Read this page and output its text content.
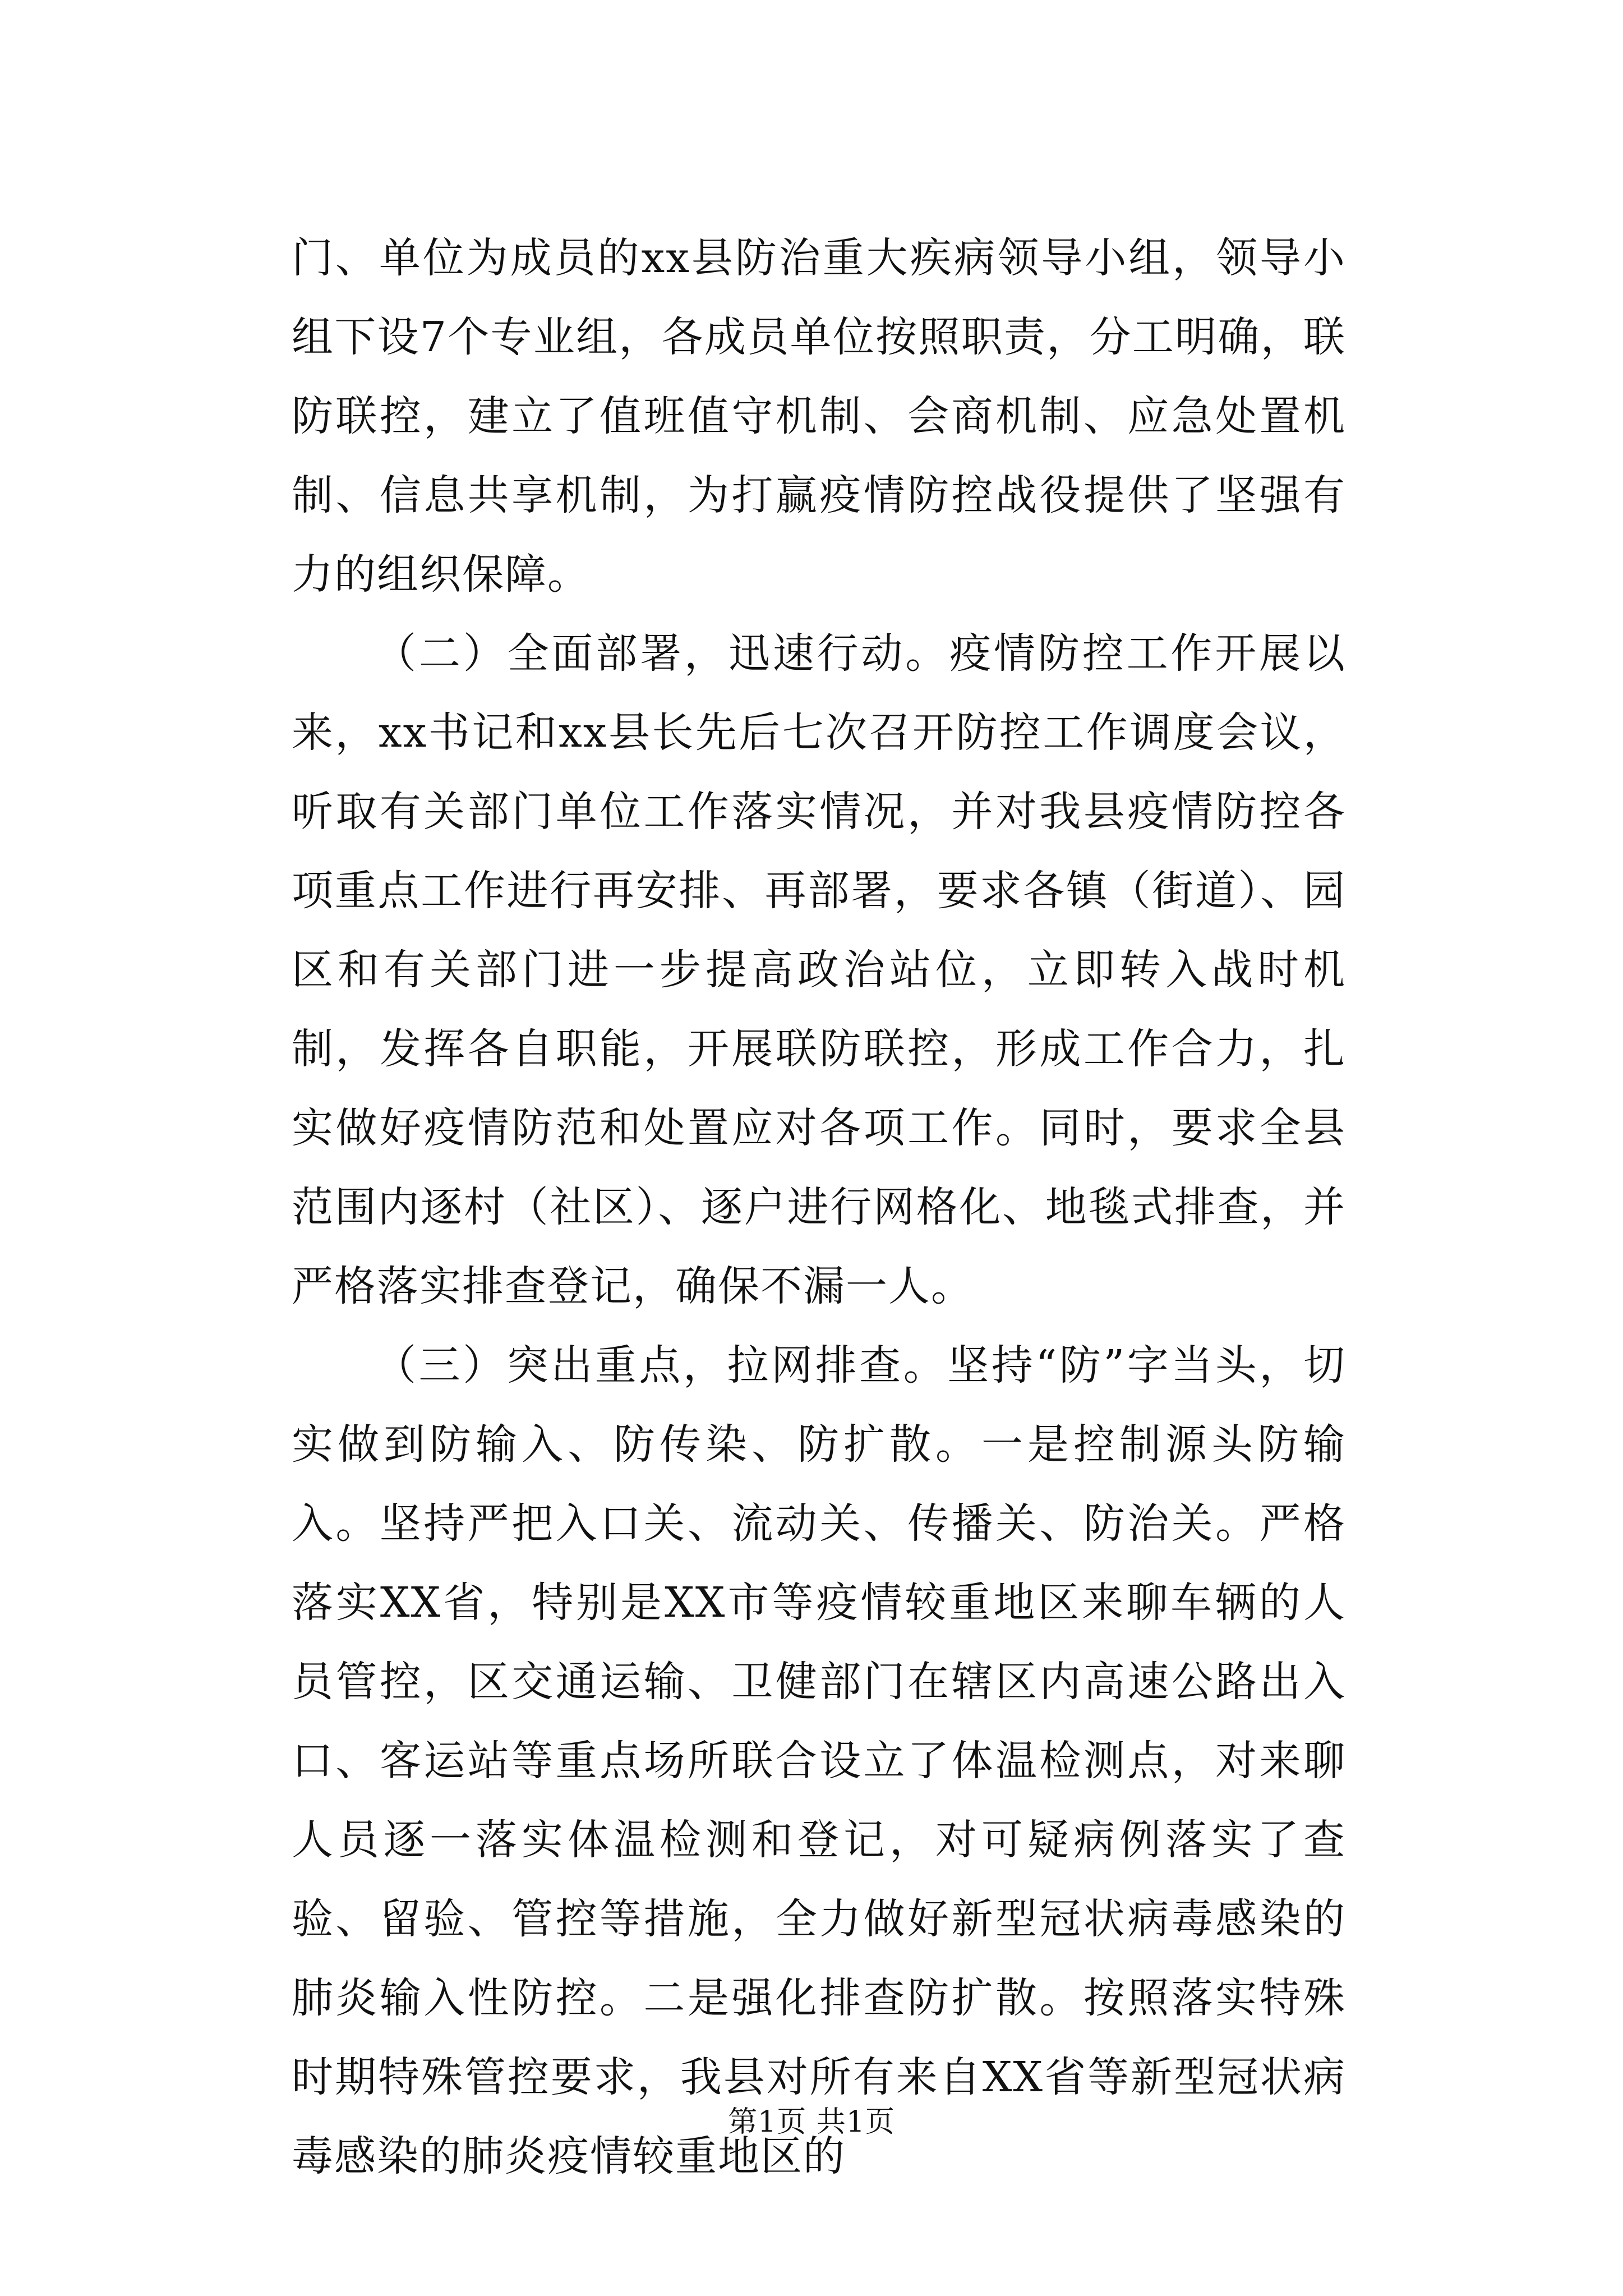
门、单位为成员的xx县防治重大疾病领导小组，领导小组下设7个专业组，各成员单位按照职责，分工明确，联防联控，建立了值班值守机制、会商机制、应急处置机制、信息共享机制，为打赢疫情防控战役提供了坚强有力的组织保障。

（二）全面部署，迅速行动。疫情防控工作开展以来，xx书记和xx县长先后七次召开防控工作调度会议，听取有关部门单位工作落实情况，并对我县疫情防控各项重点工作进行再安排、再部署，要求各镇（街道）、园区和有关部门进一步提高政治站位，立即转入战时机制，发挥各自职能，开展联防联控，形成工作合力，扎实做好疫情防范和处置应对各项工作。同时，要求全县范围内逐村（社区）、逐户进行网格化、地毯式排查，并严格落实排查登记，确保不漏一人。

（三）突出重点，拉网排查。坚持“防”字当头，切实做到防输入、防传染、防扩散。一是控制源头防输入。坚持严把入口关、流动关、传播关、防治关。严格落实XX省，特别是XX市等疫情较重地区来聊车辆的人员管控，区交通运输、卫健部门在辖区内高速公路出入口、客运站等重点场所联合设立了体温检测点，对来聊人员逐一落实体温检测和登记，对可疑病例落实了查验、留验、管控等措施，全力做好新型冠状病毒感染的肺炎输入性防控。二是强化排查防扩散。按照落实特殊时期特殊管控要求，我县对所有来自XX省等新型冠状病毒感染的肺炎疫情较重地区的

第1页 共1页
